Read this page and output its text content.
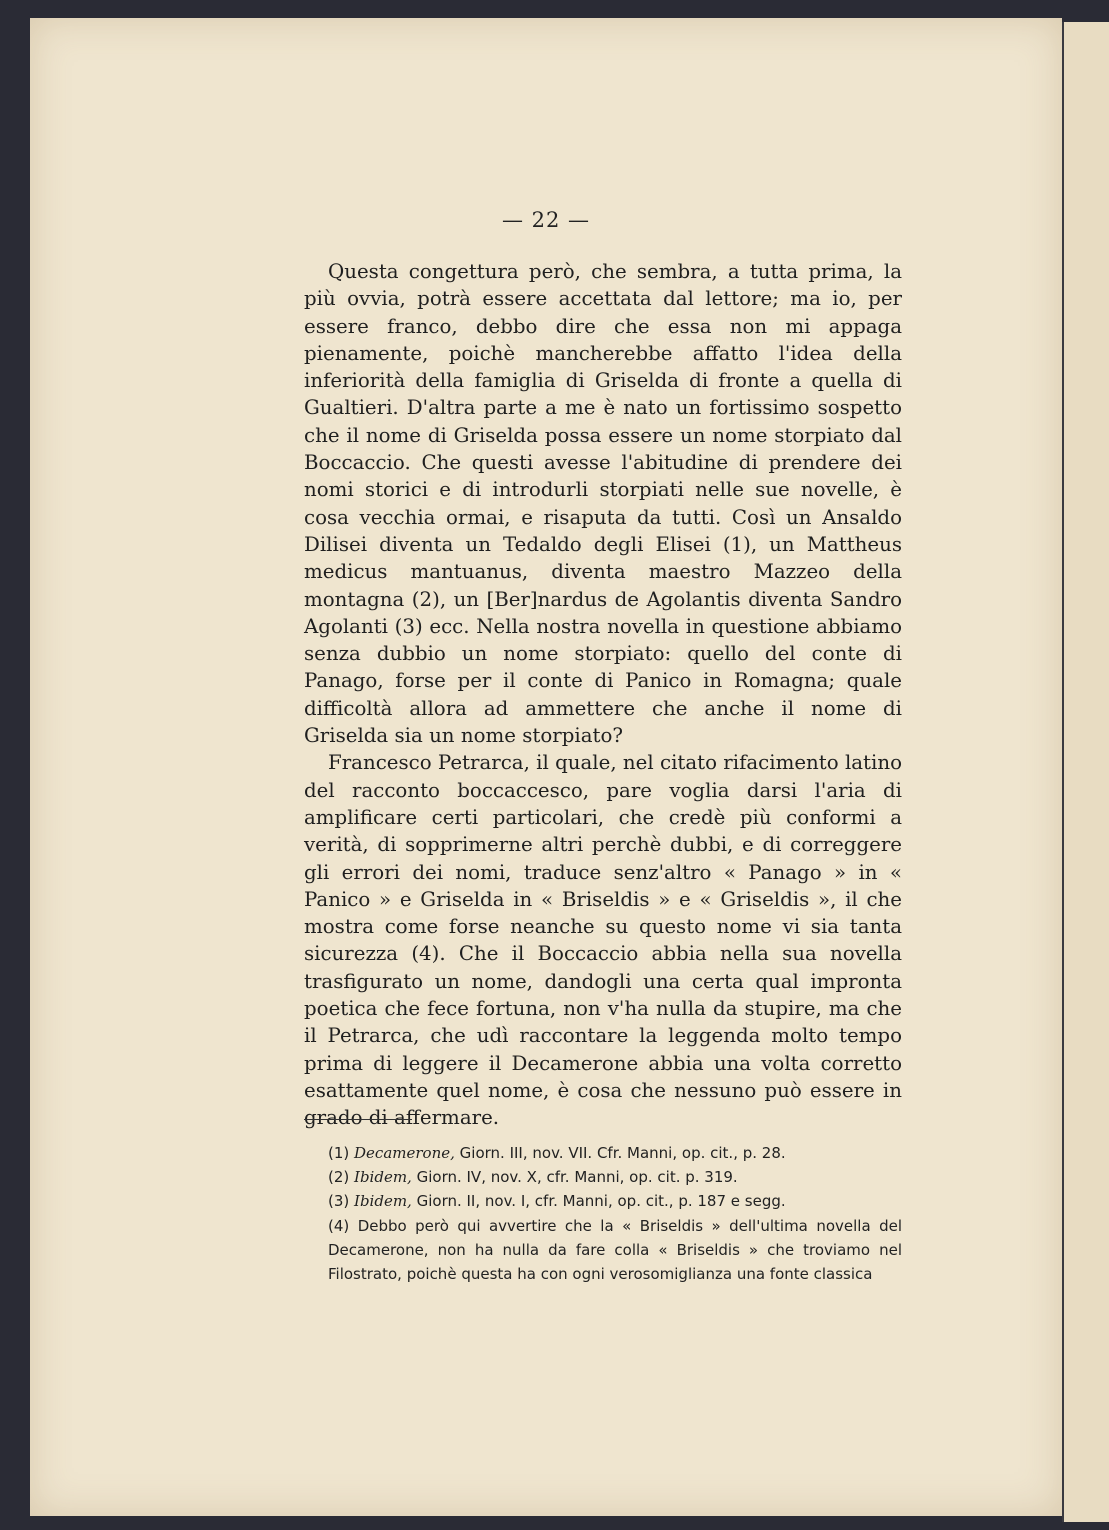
— 22 —

Questa congettura però, che sembra, a tutta prima, la più ovvia, potrà essere accettata dal lettore; ma io, per essere franco, debbo dire che essa non mi appaga pienamente, poichè mancherebbe affatto l'idea della inferiorità della famiglia di Griselda di fronte a quella di Gualtieri. D'altra parte a me è nato un fortissimo sospetto che il nome di Griselda possa essere un nome storpiato dal Boccaccio. Che questi avesse l'abitudine di prendere dei nomi storici e di introdurli storpiati nelle sue novelle, è cosa vecchia ormai, e risaputa da tutti. Così un Ansaldo Dilisei diventa un Tedaldo degli Elisei (1), un Mattheus medicus mantuanus, diventa maestro Mazzeo della montagna (2), un [Ber]nardus de Agolantis diventa Sandro Agolanti (3) ecc. Nella nostra novella in questione abbiamo senza dubbio un nome storpiato: quello del conte di Panago, forse per il conte di Panico in Romagna; quale difficoltà allora ad ammettere che anche il nome di Griselda sia un nome storpiato?

Francesco Petrarca, il quale, nel citato rifacimento latino del racconto boccaccesco, pare voglia darsi l'aria di amplificare certi particolari, che credè più conformi a verità, di sopprimerne altri perchè dubbi, e di correggere gli errori dei nomi, traduce senz'altro « Panago » in « Panico » e Griselda in « Briseldis » e « Griseldis », il che mostra come forse neanche su questo nome vi sia tanta sicurezza (4). Che il Boccaccio abbia nella sua novella trasfigurato un nome, dandogli una certa qual impronta poetica che fece fortuna, non v'ha nulla da stupire, ma che il Petrarca, che udì raccontare la leggenda molto tempo prima di leggere il Decamerone abbia una volta corretto esattamente quel nome, è cosa che nessuno può essere in grado di affermare.

(1) Decamerone, Giorn. III, nov. VII. Cfr. Manni, op. cit., p. 28.

(2) Ibidem, Giorn. IV, nov. X, cfr. Manni, op. cit. p. 319.

(3) Ibidem, Giorn. II, nov. I, cfr. Manni, op. cit., p. 187 e segg.

(4) Debbo però qui avvertire che la « Briseldis » dell'ultima novella del Decamerone, non ha nulla da fare colla « Briseldis » che troviamo nel Filostrato, poichè questa ha con ogni verosomiglianza una fonte classica
